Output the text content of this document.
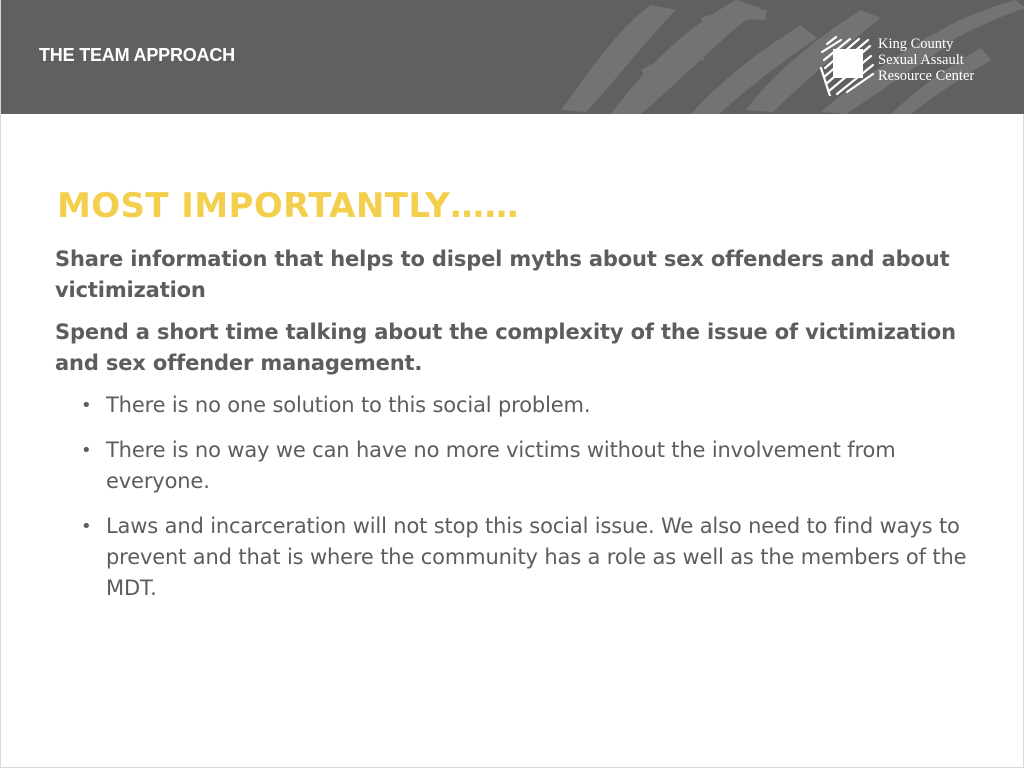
THE TEAM APPROACH
King County
Sexual Assault
Resource Center
MOST IMPORTANTLY……

Share information that helps to dispel myths about sex offenders and about victimization

Spend a short time talking about the complexity of the issue of victimization and sex offender management.

• There is no one solution to this social problem.
• There is no way we can have no more victims without the involvement from everyone.
• Laws and incarceration will not stop this social issue. We also need to find ways to prevent and that is where the community has a role as well as the members of the MDT.
